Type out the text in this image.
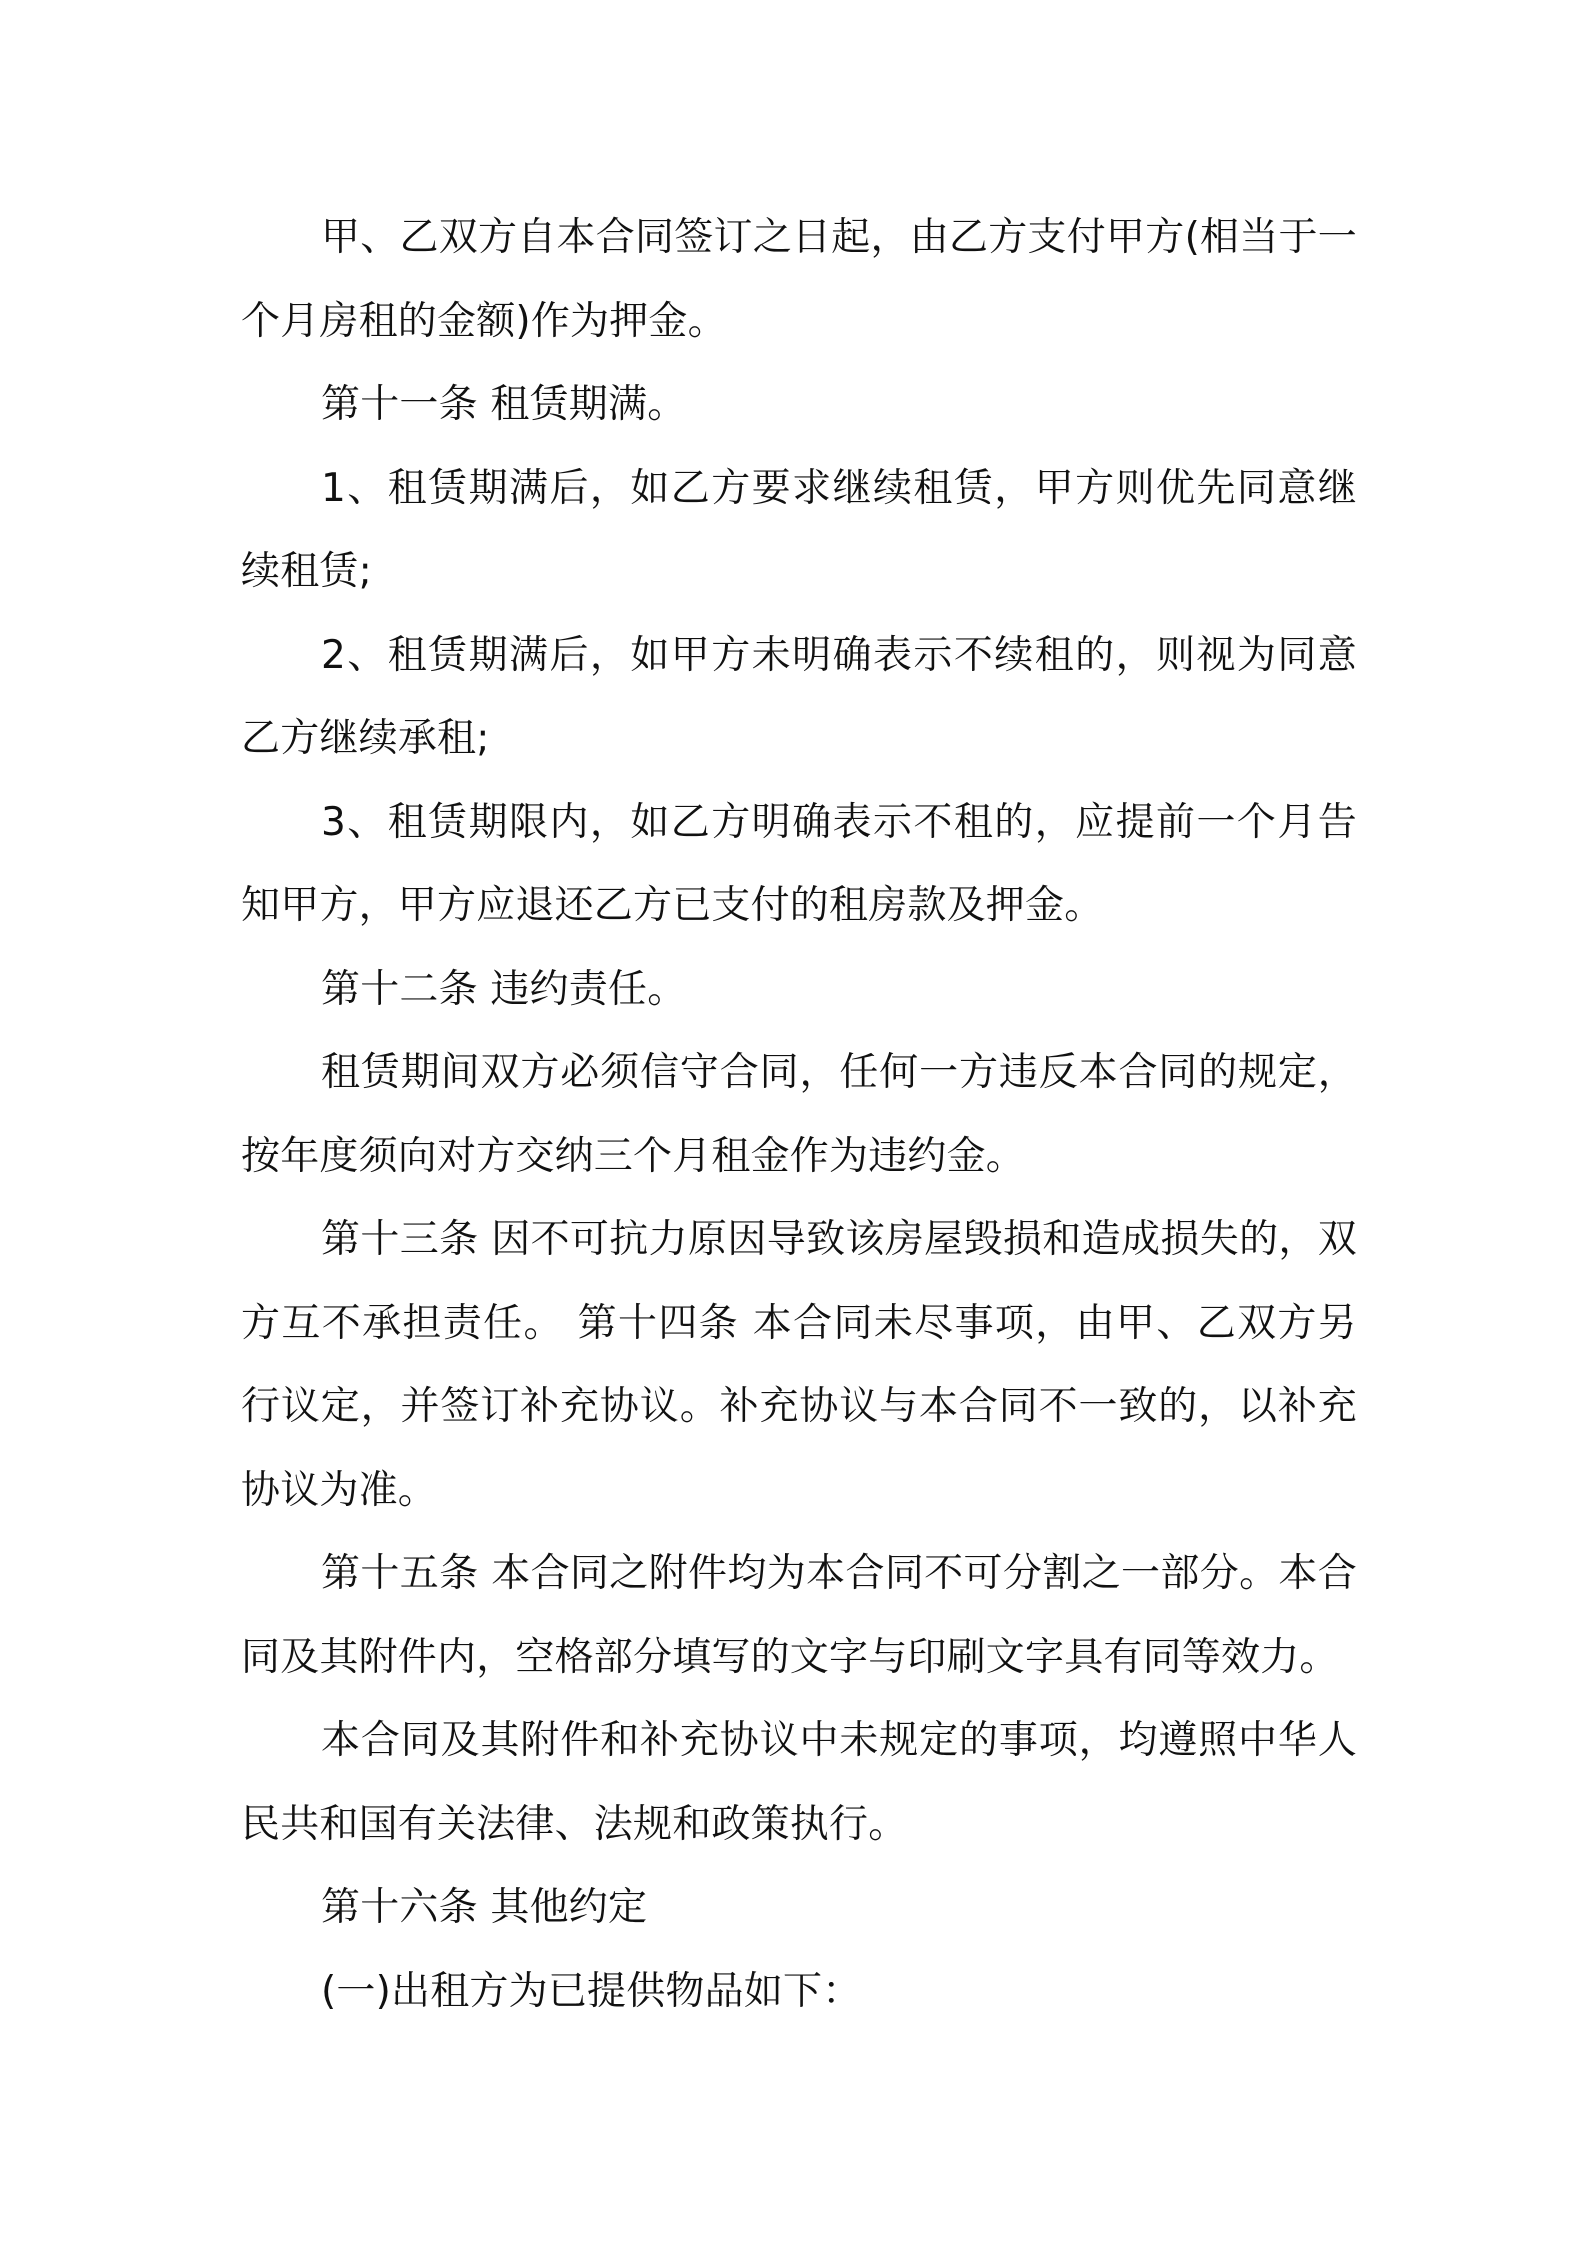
甲、乙双方自本合同签订之日起，由乙方支付甲方(相当于一个月房租的金额)作为押金。

第十一条 租赁期满。

1、租赁期满后，如乙方要求继续租赁，甲方则优先同意继续租赁;

2、租赁期满后，如甲方未明确表示不续租的，则视为同意乙方继续承租;

3、租赁期限内，如乙方明确表示不租的，应提前一个月告知甲方，甲方应退还乙方已支付的租房款及押金。

第十二条 违约责任。

租赁期间双方必须信守合同，任何一方违反本合同的规定，按年度须向对方交纳三个月租金作为违约金。

第十三条 因不可抗力原因导致该房屋毁损和造成损失的，双方互不承担责任。 第十四条 本合同未尽事项，由甲、乙双方另行议定，并签订补充协议。补充协议与本合同不一致的，以补充协议为准。

第十五条 本合同之附件均为本合同不可分割之一部分。本合同及其附件内，空格部分填写的文字与印刷文字具有同等效力。

本合同及其附件和补充协议中未规定的事项，均遵照中华人民共和国有关法律、法规和政策执行。

第十六条 其他约定

(一)出租方为已提供物品如下：
